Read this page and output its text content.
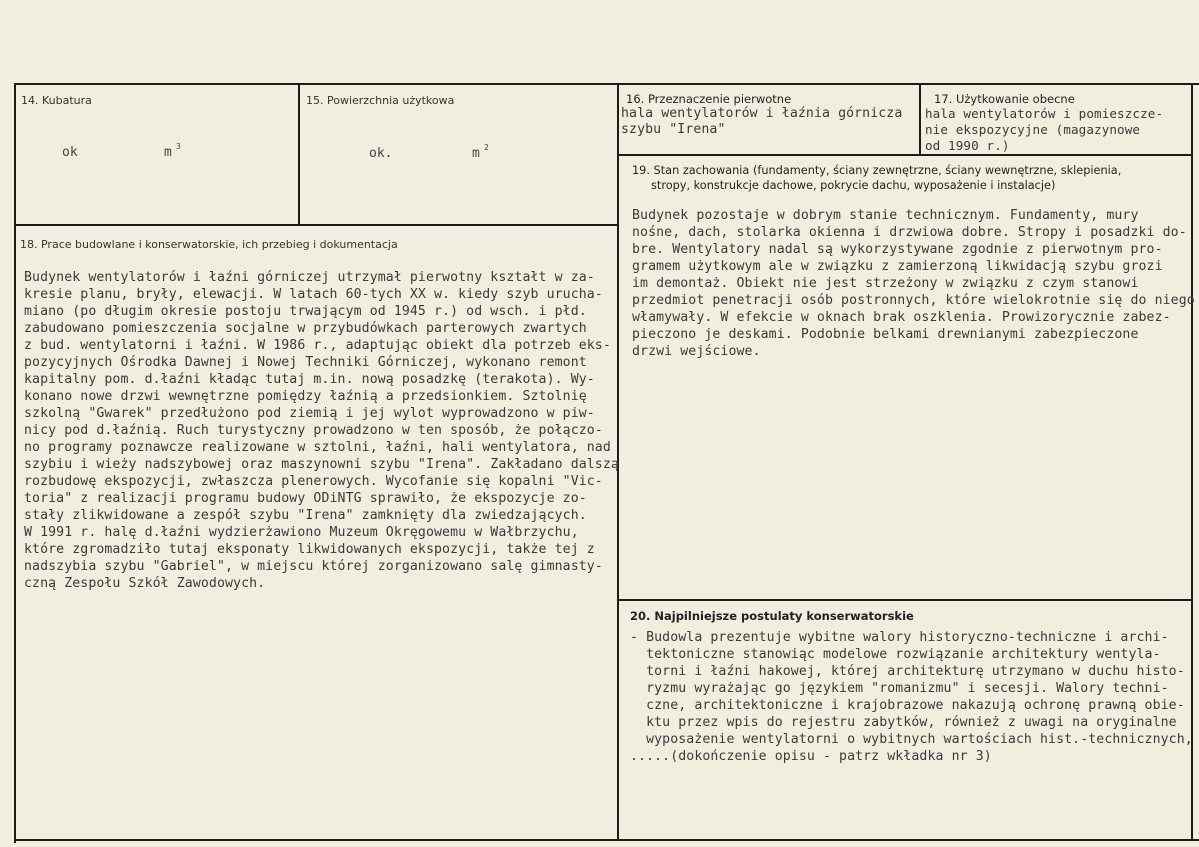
14. Kubatura
ok	m 3
15. Powierzchnia użytkowa
ok.	m 2
16. Przeznaczenie pierwotne
hala wentylatorów i łaźnia górnicza
szybu "Irena"
17. Użytkowanie obecne
hala wentylatorów i pomieszcze-
nie ekspozycyjne (magazynowe
od 1990 r.)
19. Stan zachowania (fundamenty, ściany zewnętrzne, ściany wewnętrzne, sklepienia,
stropy, konstrukcje dachowe, pokrycie dachu, wyposażenie i instalacje)
Budynek pozostaje w dobrym stanie technicznym. Fundamenty, mury
nośne, dach, stolarka okienna i drzwiowa dobre. Stropy i posadzki do-
bre. Wentylatory nadal są wykorzystywane zgodnie z pierwotnym pro-
gramem użytkowym ale w związku z zamierzoną likwidacją szybu grozi
im demontaż. Obiekt nie jest strzeżony w związku z czym stanowi
przedmiot penetracji osób postronnych, które wielokrotnie się do niego
włamywały. W efekcie w oknach brak oszklenia. Prowizorycznie zabez-
pieczono je deskami. Podobnie belkami drewnianymi zabezpieczone
drzwi wejściowe.
18. Prace budowlane i konserwatorskie, ich przebieg i dokumentacja
Budynek wentylatorów i łaźni górniczej utrzymał pierwotny kształt w za-
kresie planu, bryły, elewacji. W latach 60-tych XX w. kiedy szyb urucha-
miano (po długim okresie postoju trwającym od 1945 r.) od wsch. i płd.
zabudowano pomieszczenia socjalne w przybudówkach parterowych zwartych
z bud. wentylatorni i łaźni. W 1986 r., adaptując obiekt dla potrzeb eks-
pozycyjnych Ośrodka Dawnej i Nowej Techniki Górniczej, wykonano remont
kapitalny pom. d.łaźni kładąc tutaj m.in. nową posadzkę (terakota). Wy-
konano nowe drzwi wewnętrzne pomiędzy łaźnią a przedsionkiem. Sztolnię
szkolną "Gwarek" przedłużono pod ziemią i jej wylot wyprowadzono w piw-
nicy pod d.łaźnią. Ruch turystyczny prowadzono w ten sposób, że połączo-
no programy poznawcze realizowane w sztolni, łaźni, hali wentylatora, nad
szybiu i wieży nadszybowej oraz maszynowni szybu "Irena". Zakładano dalszą
rozbudowę ekspozycji, zwłaszcza plenerowych. Wycofanie się kopalni "Vic-
toria" z realizacji programu budowy ODiNTG sprawiło, że ekspozycje zo-
stały zlikwidowane a zespół szybu "Irena" zamknięty dla zwiedzających.
W 1991 r. halę d.łaźni wydzierżawiono Muzeum Okręgowemu w Wałbrzychu,
które zgromadziło tutaj eksponaty likwidowanych ekspozycji, także tej z
nadszybia szybu "Gabriel", w miejscu której zorganizowano salę gimnasty-
czną Zespołu Szkół Zawodowych.
20. Najpilniejsze postulaty konserwatorskie
- Budowla prezentuje wybitne walory historyczno-techniczne i archi-
tektoniczne stanowiąc modelowe rozwiązanie architektury wentyla-
torni i łaźni hakowej, której architekturę utrzymano w duchu histo-
ryzmu wyrażając go językiem "romanizmu" i secesji. Walory techni-
czne, architektoniczne i krajobrazowe nakazują ochronę prawną obie-
ktu przez wpis do rejestru zabytków, również z uwagi na oryginalne
wyposażenie wentylatorni o wybitnych wartościach hist.-technicznych,
.....(dokończenie opisu - patrz wkładka nr 3)
